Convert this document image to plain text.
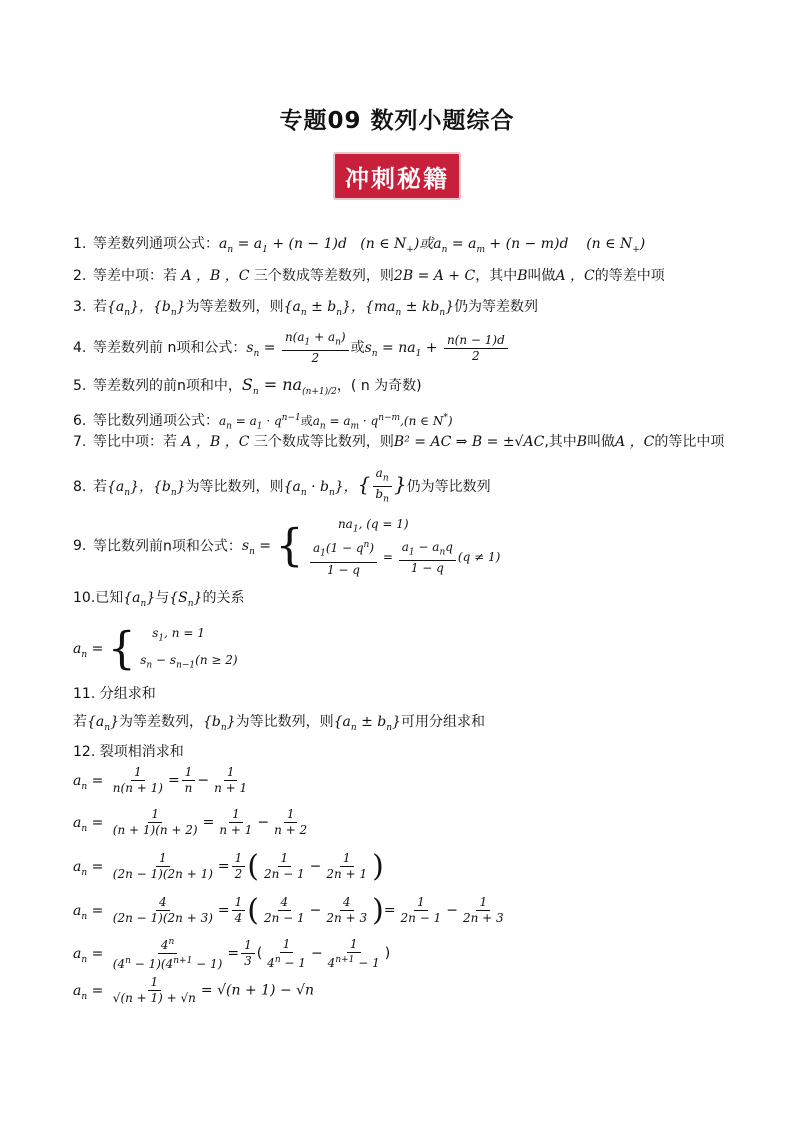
专题09 数列小题综合
冲刺秘籍
1. 等差数列通项公式：$a_n = a_1 + (n - 1)d$   (n ∈ $N_+$)或$a_n = a_m + (n - m)d$    (n ∈ $N_+$)
2. 等差中项：若 A ，B ，C 三个数成等差数列，则2B = A + C，其中B叫做A ，C的等差中项
3. 若$\{a_n\}$，$\{b_n\}$为等差数列，则$\{a_n \pm b_n\}$，$\{ma_n \pm kb_n\}$仍为等差数列
4. 等差数列前 n项和公式：$s_n = \frac{n(a_1 + a_n)}{2}$ 或$s_n = na_1 + \frac{n(n - 1)d}{2}$
5. 等差数列的前n项和中，$S_n = na_{(n+1)/2}$，( n 为奇数)
6. 等比数列通项公式：$a_n = a_1 \cdot q^{n-1}$或$a_n = a_m \cdot q^{n-m},(n$ ∈ N*)
7. 等比中项：若 A ，B ，C 三个数成等比数列，则B² = AC ⇒ B = ±√AC,其中B叫做A ，C的等比中项
8. 若$\{a_n\}$，$\{b_n\}$为等比数列，则$\{a_n \cdot b_n\}$，{ $\frac{a_n}{b_n}$ }仍为等比数列
9. 等比数列前n项和公式：$s_n$ = {	$na_1$, (q = 1)
$\frac{a_1(1 - q^n)}{1 - q} = \frac{a_1 - a_nq}{1 - q} (q \ne 1)$
10.已知$\{a_n\}$与$\{S_n\}$的关系
$a_n$ = {	$s_1$, n = 1
$s_n - s_{n-1}(n \ge 2)$
11. 分组求和
若$\{a_n\}$为等差数列，$\{b_n\}$为等比数列，则$\{a_n \pm b_n\}$可用分组求和
12. 裂项相消求和
$a_n = \frac{1}{n(n + 1)} = \frac{1}{n} - \frac{1}{n + 1}$
$a_n = \frac{1}{(n + 1)(n + 2)} = \frac{1}{n + 1} - \frac{1}{n + 2}$
$a_n = \frac{1}{(2n - 1)(2n + 1)} = \frac{1}{2}$ ( $\frac{1}{2n - 1} - \frac{1}{2n + 1}$ )
$a_n = \frac{4}{(2n - 1)(2n + 3)} = \frac{1}{4}$ ( $\frac{4}{2n - 1} - \frac{4}{2n + 3}$ )= $\frac{1}{2n - 1} - \frac{1}{2n + 3}$
$a_n = \frac{4^n}{(4^n - 1)(4^{n+1} - 1)} = \frac{1}{3}$ ( $\frac{1}{4^n - 1} - \frac{1}{4^{n+1} - 1}$ )
$a_n = \frac{1}{√(n + 1) + √n} = √(n + 1) - √n$
